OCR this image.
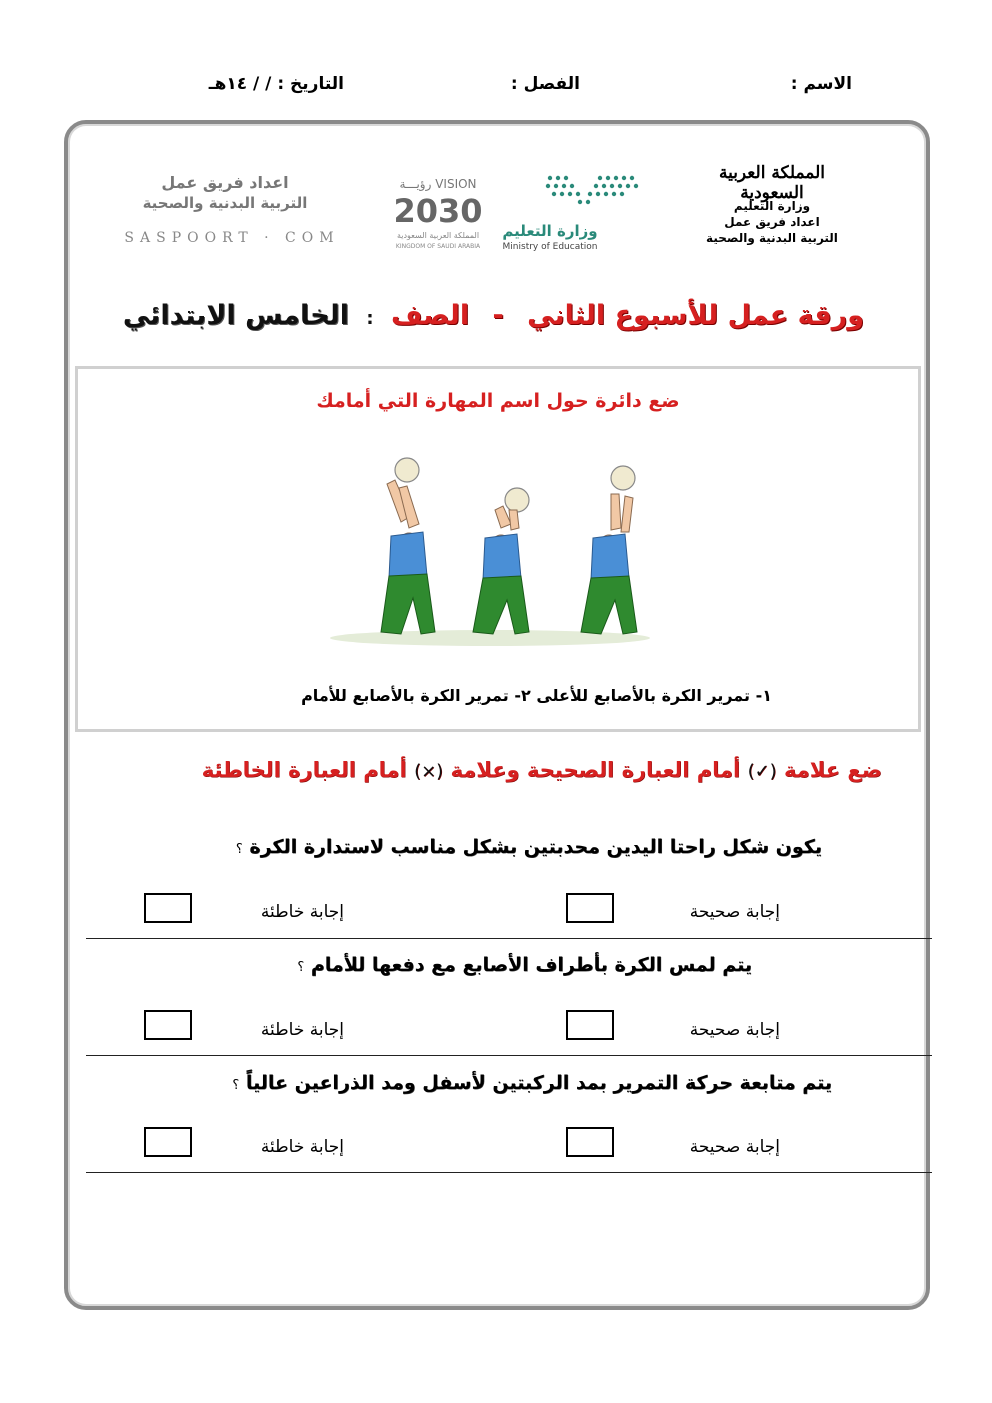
الاسم :
الفصل :
التاريخ : / / ١٤هـ
المملكة العربية السعودية
وزارة التعليم
اعداد فريق عمل
التربية البدنية والصحية
وزارة التعليم
Ministry of Education
VISION رؤيـــة
2030
المملكة العربية السعودية
KINGDOM OF SAUDI ARABIA
اعداد فريق عمل
التربية البدنية والصحية
SASPOORT · COM
ورقة عمل للأسبوع الثاني - الصف : الخامس الابتدائي
ضع دائرة حول اسم المهارة التي أمامك
١- تمرير الكرة بالأصابع للأعلى ٢- تمرير الكرة بالأصابع للأمام
ضع علامة (✓) أمام العبارة الصحيحة وعلامة (×) أمام العبارة الخاطئة
يكون شكل راحتا اليدين محدبتين بشكل مناسب لاستدارة الكرة ؟
إجابة صحيحة
إجابة خاطئة
يتم لمس الكرة بأطراف الأصابع مع دفعها للأمام ؟
إجابة صحيحة
إجابة خاطئة
يتم متابعة حركة التمرير بمد الركبتين لأسفل ومد الذراعين عالياً ؟
إجابة صحيحة
إجابة خاطئة
